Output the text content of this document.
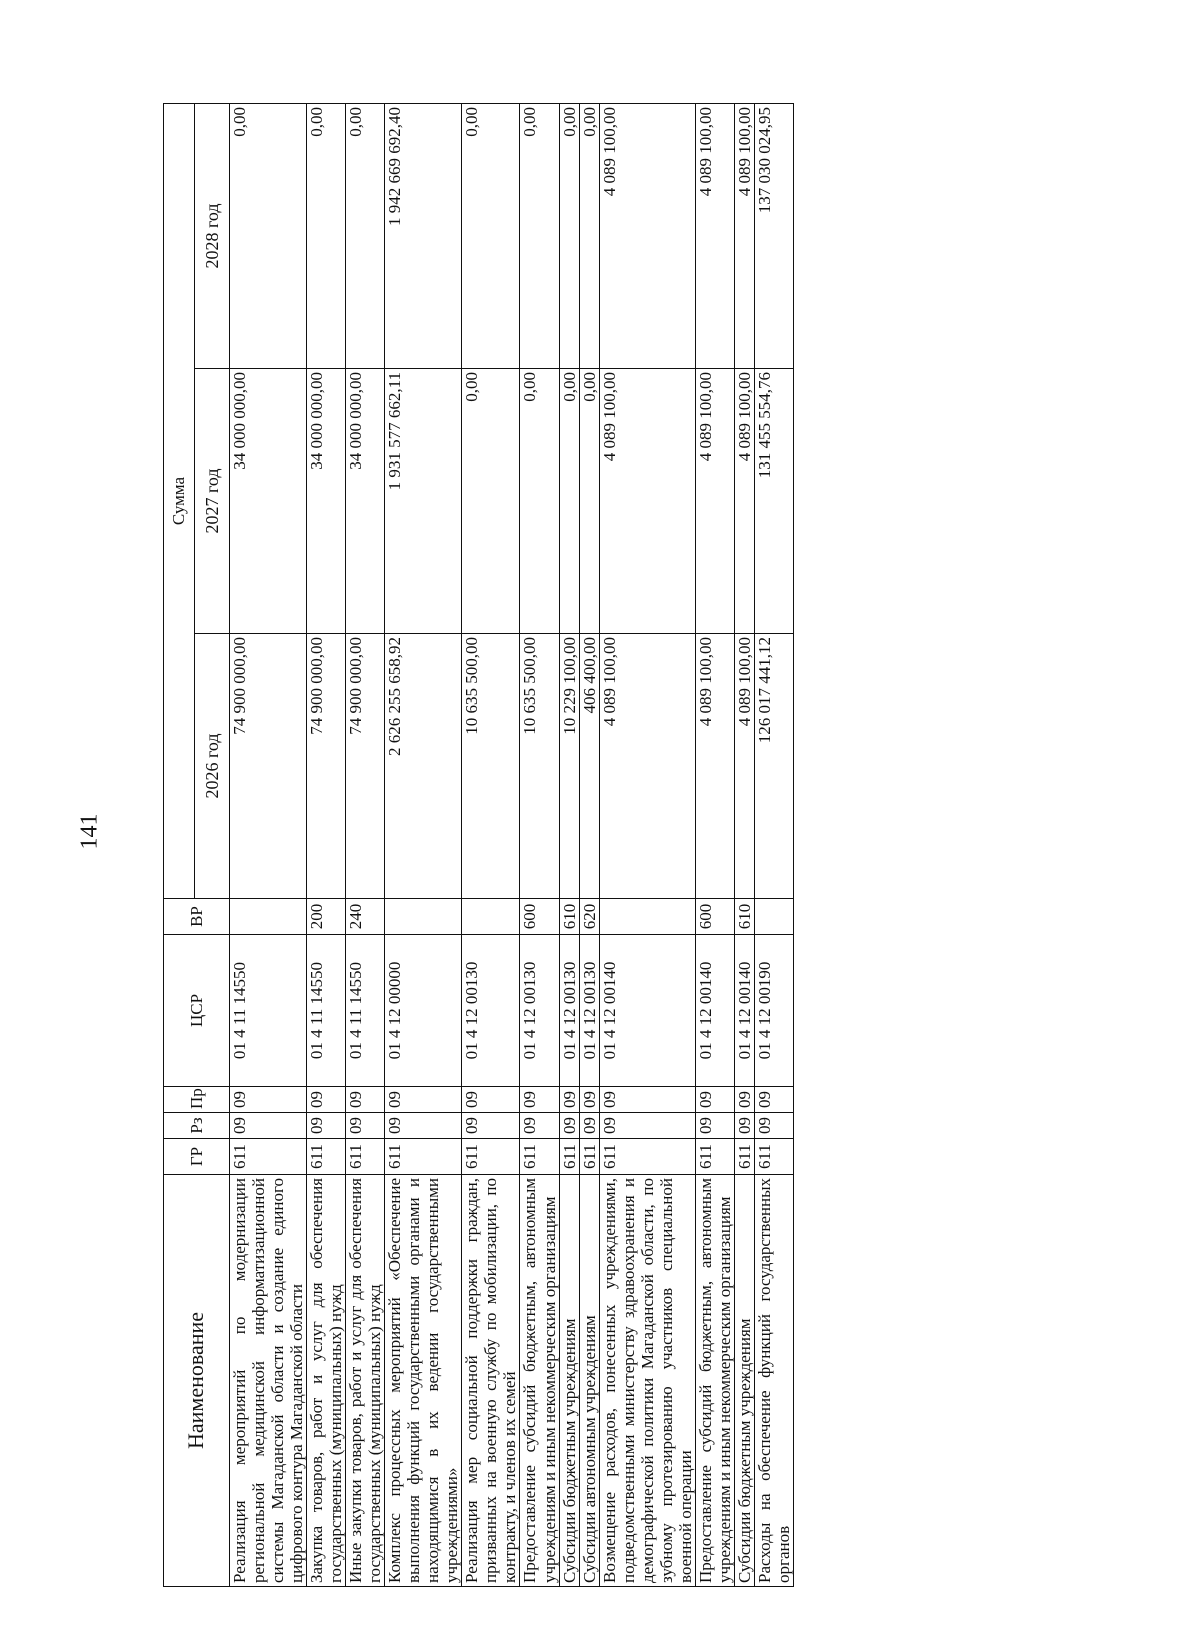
141
Наименование	ГР	Рз	Пр	ЦСР	ВР	Сумма		
						2026 год	2027 год	2028 год
Реализация мероприятий по модернизации региональной медицинской информатизационной системы Магаданской области и создание единого цифрового контура Магаданской области	611	09	09	01 4 11 14550		74 900 000,00	34 000 000,00	0,00
Закупка товаров, работ и услуг для обеспечения государственных (муниципальных) нужд	611	09	09	01 4 11 14550	200	74 900 000,00	34 000 000,00	0,00
Иные закупки товаров, работ и услуг для обеспечения государственных (муниципальных) нужд	611	09	09	01 4 11 14550	240	74 900 000,00	34 000 000,00	0,00
Комплекс процессных мероприятий «Обеспечение выполнения функций государственными органами и находящимися в их ведении государственными учреждениями»	611	09	09	01 4 12 00000		2 626 255 658,92	1 931 577 662,11	1 942 669 692,40
Реализация мер социальной поддержки граждан, призванных на военную службу по мобилизации, по контракту, и членов их семей	611	09	09	01 4 12 00130		10 635 500,00	0,00	0,00
Предоставление субсидий бюджетным, автономным учреждениям и иным некоммерческим организациям	611	09	09	01 4 12 00130	600	10 635 500,00	0,00	0,00
Субсидии бюджетным учреждениям	611	09	09	01 4 12 00130	610	10 229 100,00	0,00	0,00
Субсидии автономным учреждениям	611	09	09	01 4 12 00130	620	406 400,00	0,00	0,00
Возмещение расходов, понесенных учреждениями, подведомственными министерству здравоохранения и демографической политики Магаданской области, по зубному протезированию участников специальной военной операции	611	09	09	01 4 12 00140		4 089 100,00	4 089 100,00	4 089 100,00
Предоставление субсидий бюджетным, автономным учреждениям и иным некоммерческим организациям	611	09	09	01 4 12 00140	600	4 089 100,00	4 089 100,00	4 089 100,00
Субсидии бюджетным учреждениям	611	09	09	01 4 12 00140	610	4 089 100,00	4 089 100,00	4 089 100,00
Расходы на обеспечение функций государственных органов	611	09	09	01 4 12 00190		126 017 441,12	131 455 554,76	137 030 024,95
